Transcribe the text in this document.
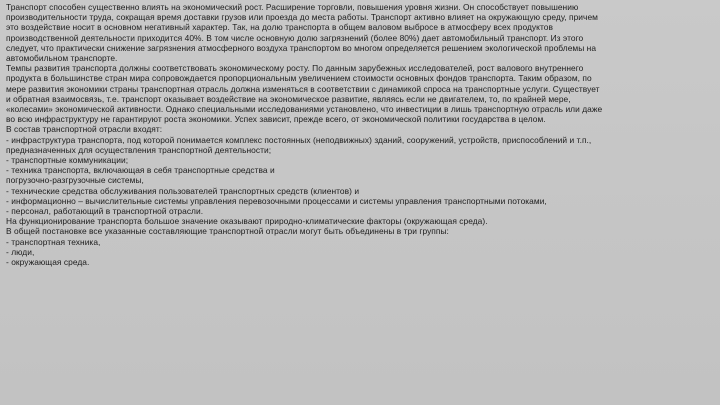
Транспорт способен существенно влиять на экономический рост. Расширение торговли, повышения уровня жизни. Он способствует повышению
производительности труда, сокращая время доставки грузов или проезда до места работы. Транспорт активно влияет на окружающую среду, причем
это воздействие носит в основном негативный характер. Так, на долю транспорта в общем валовом выбросе в атмосферу всех продуктов
производственной деятельности приходится 40%. В том числе основную долю загрязнений (более 80%) дает автомобильный транспорт. Из этого
следует, что практически снижение загрязнения атмосферного воздуха транспортом во многом определяется решением экологической проблемы на
автомобильном транспорте.
Темпы развития транспорта должны соответствовать экономическому росту. По данным зарубежных исследователей, рост валового внутреннего
продукта в большинстве стран мира сопровождается пропорциональным увеличением стоимости основных фондов транспорта. Таким образом, по
мере развития экономики страны транспортная отрасль должна изменяться в соответствии с динамикой спроса на транспортные услуги. Существует
и обратная взаимосвязь, т.е. транспорт оказывает воздействие на экономическое развитие, являясь если не двигателем, то, по крайней мере,
«колесами» экономической активности. Однако специальными исследованиями установлено, что инвестиции в лишь транспортную отрасль или даже
во всю инфраструктуру не гарантируют роста экономики. Успех зависит, прежде всего, от экономической политики государства в целом.
В состав транспортной отрасли входят:
- инфраструктура транспорта, под которой понимается комплекс постоянных (неподвижных) зданий, сооружений, устройств, приспособлений и т.п.,
предназначенных для осуществления транспортной деятельности;
- транспортные коммуникации;
- техника транспорта, включающая в себя транспортные средства и
погрузочно-разгрузочные системы,
- технические средства обслуживания пользователей транспортных средств (клиентов) и
- информационно – вычислительные системы управления перевозочными процессами и системы управления транспортными потоками,
- персонал, работающий в транспортной отрасли.
На функционирование транспорта большое значение оказывают природно-климатические факторы (окружающая среда).
В общей постановке все указанные составляющие транспортной отрасли могут быть объединены в три группы:
- транспортная техника,
- люди,
- окружающая среда.
